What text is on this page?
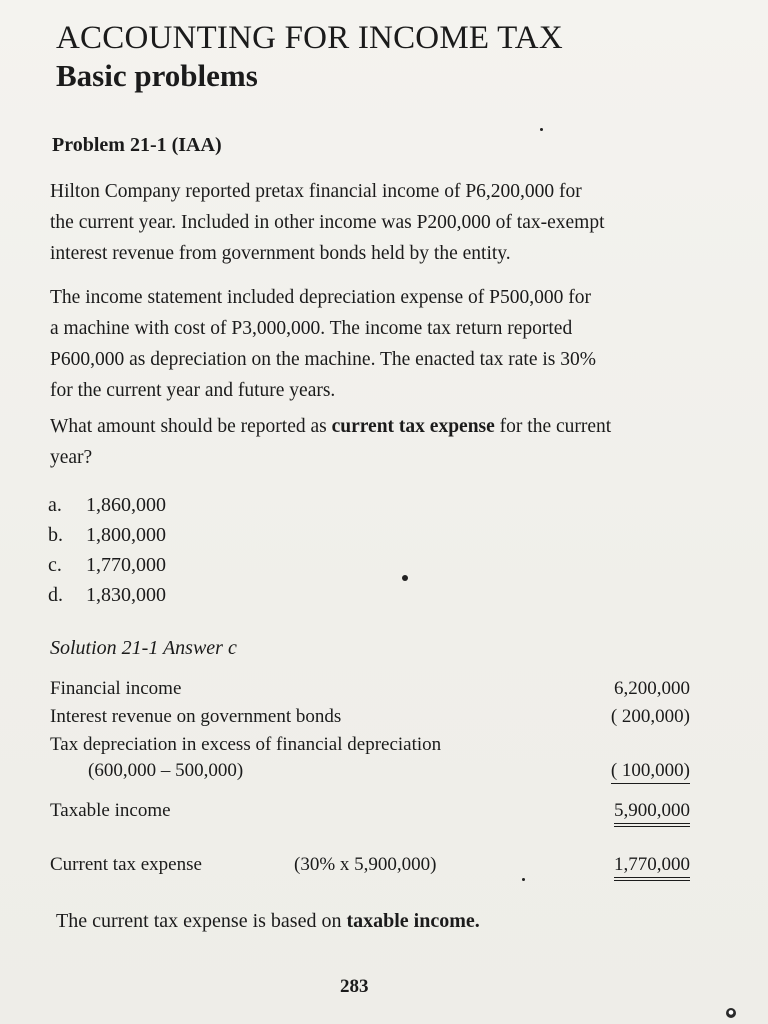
ACCOUNTING FOR INCOME TAX
Basic problems
Problem 21-1 (IAA)
Hilton Company reported pretax financial income of P6,200,000 for
the current year. Included in other income was P200,000 of tax-exempt
interest revenue from government bonds held by the entity.
The income statement included depreciation expense of P500,000 for
a machine with cost of P3,000,000. The income tax return reported
P600,000 as depreciation on the machine. The enacted tax rate is 30%
for the current year and future years.
What amount should be reported as current tax expense for the current
year?
a. 1,860,000
b. 1,800,000
c. 1,770,000
d. 1,830,000
Solution 21-1 Answer c
Financial income	6,200,000
Interest revenue on government bonds	( 200,000)
Tax depreciation in excess of financial depreciation
(600,000 – 500,000)	( 100,000)
Taxable income	5,900,000
Current tax expense	(30% x 5,900,000)	1,770,000
The current tax expense is based on taxable income.
283
●
